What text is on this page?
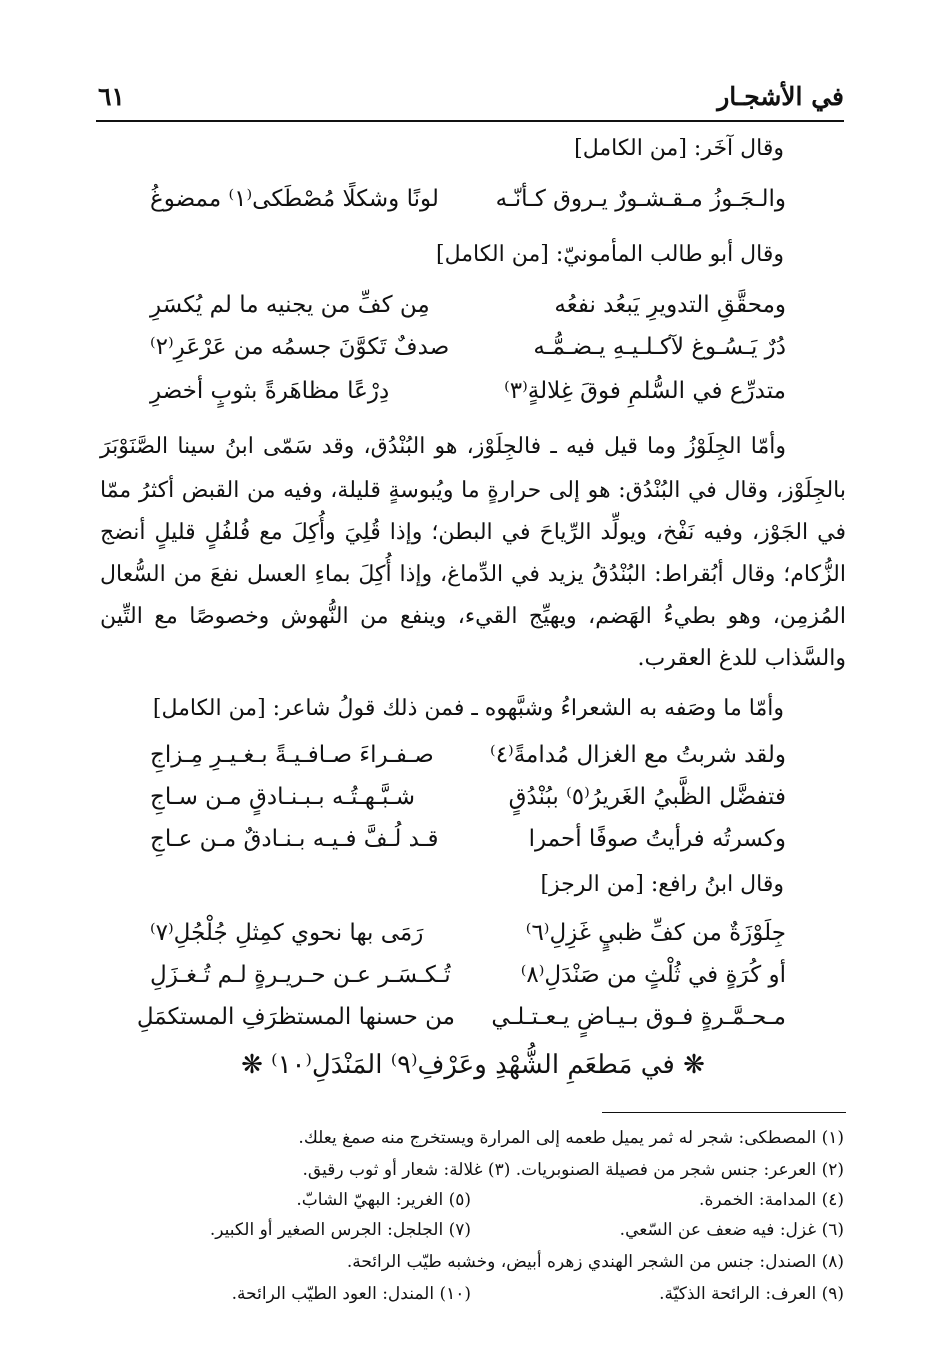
في الأشجـار
٦١
وقال آخَر: [من الكامل]
والـجَـوزُ مـقـشـورٌ يـروق كـأنّـه
لونًا وشكلًا مُصْطَكى⁽١⁾ ممضوغُ
وقال أبو طالب المأمونيّ: [من الكامل]
ومحقَّقِ التدويرِ يَبعُد نفعُه
مِن كفِّ من يجنيه ما لم يُكسَرِ
دُرٌ يَـسُـوغ لآكـلـيـهِ يـضـمُّـه
صدفٌ تَكوَّنَ جسمُه من عَرْعَرِ⁽٢⁾
متدرِّع في السُّلمِ فوقَ غِلالةٍ⁽٣⁾
دِرْعًا مظاهَرةً بثوبٍ أخضرِ
وأمّا الجِلَوْزُ وما قيل فيه ـ فالجِلَوْز، هو البُنْدُق، وقد سَمّى ابنُ سينا الصَّنَوْبَرَ
بالجِلَوْز، وقال في البُنْدُق: هو إلى حرارةٍ ما ويُبوسةٍ قليلة، وفيه من القبض أكثرُ ممّا
في الجَوْز، وفيه نَفْخ، ويولِّد الرِّياحَ في البطن؛ وإذا قُلِيَ وأُكِلَ مع فُلفُلٍ قليلٍ أنضج
الزُّكام؛ وقال أبُقراط: البُنْدُقُ يزيد في الدِّماغ، وإذا أُكِلَ بماءِ العسل نفعَ من السُّعال
المُزمِن، وهو بطيءُ الهَضم، ويهيِّج القيء، وينفع من النُّهوش وخصوصًا مع التِّين
والسَّذاب للدغ العقرب.
وأمّا ما وصَفه به الشعراءُ وشبَّهوه ـ فمن ذلك قولُ شاعر: [من الكامل]
ولقد شربتُ مع الغزال مُدامةً⁽٤⁾
صـفـراءَ صـافـيـةً بـغـيـرِ مِـزاجِ
فتفضَّل الظَّبيُ الغَريرُ⁽٥⁾ ببُنْدُقٍ
شـبَّـهـتُـه بـبـنـادقٍ مـن سـاجِ
وكسرتُه فرأيتُ صوفًا أحمرا
قـد لُـفَّ فـيـه بـنـادقٌ مـن عـاجِ
وقال ابنُ رافع: [من الرجز]
جِلَوْزَةٌ من كفِّ ظبيٍ غَزِلِ⁽٦⁾
رَمَى بها نحوي كمِثلِ جُلْجُلِ⁽٧⁾
أو كُرَةٍ في ثُلْثٍ من صَنْدَلِ⁽٨⁾
تُـكـسَـر عـن حـريـرةٍ لـم تُـغـزَلِ
مـحـمَّـرةٍ فـوق بـيـاضٍ يـعـتـلـي
من حسنها المستظرَفِ المستكمَلِ
❋ في مَطعَمِ الشُّهْدِ وعَرْفِ⁽٩⁾ المَنْدَلِ⁽١٠⁾ ❋
(١) المصطكى: شجر له ثمر يميل طعمه إلى المرارة ويستخرج منه صمغ يعلك.
(٢) العرعر: جنس شجر من فصيلة الصنوبريات. (٣) غلالة: شعار أو ثوب رقيق.
(٤) المدامة: الخمرة.
(٥) الغرير: البهيّ الشابّ.
(٦) غزل: فيه ضعف عن السّعي.
(٧) الجلجل: الجرس الصغير أو الكبير.
(٨) الصندل: جنس من الشجر الهندي زهره أبيض، وخشبه طيّب الرائحة.
(٩) العرف: الرائحة الذكيّة.
(١٠) المندل: العود الطيّب الرائحة.
